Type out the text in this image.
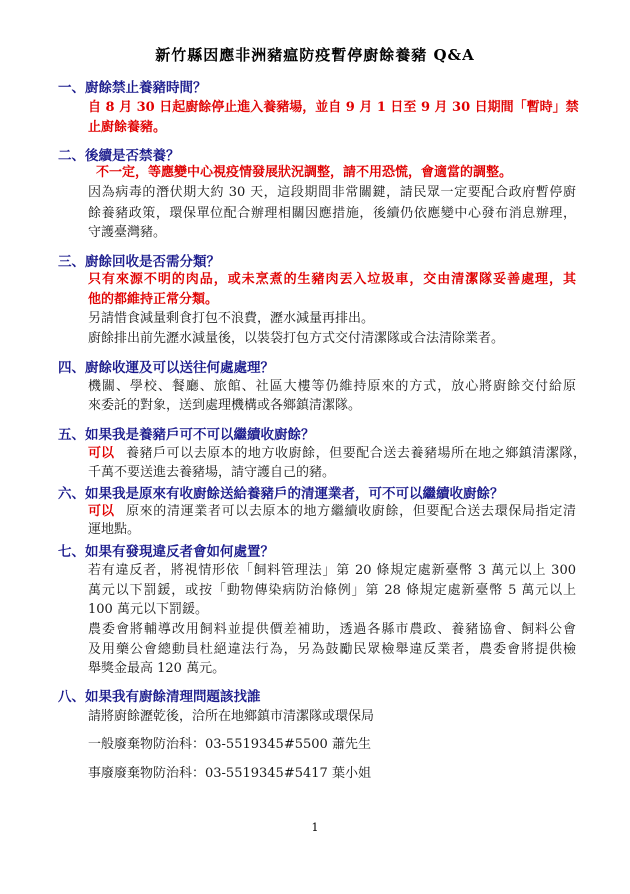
新竹縣因應非洲豬瘟防疫暫停廚餘養豬 Q&A
一、廚餘禁止養豬時間？
自 8 月 30 日起廚餘停止進入養豬場，並自 9 月 1 日至 9 月 30 日期間「暫時」禁
止廚餘養豬。
二、後續是否禁養？
不一定，等應變中心視疫情發展狀況調整，請不用恐慌，會適當的調整。
因為病毒的潛伏期大約 30 天，這段期間非常關鍵，請民眾一定要配合政府暫停廚
餘養豬政策，環保單位配合辦理相關因應措施，後續仍依應變中心發布消息辦理，
守護臺灣豬。
三、廚餘回收是否需分類？
只有來源不明的肉品，或未烹煮的生豬肉丟入垃圾車，交由清潔隊妥善處理，其
他的都維持正常分類。
另請惜食減量剩食打包不浪費，瀝水減量再排出。
廚餘排出前先瀝水減量後，以裝袋打包方式交付清潔隊或合法清除業者。
四、廚餘收運及可以送往何處處理？
機關、學校、餐廳、旅館、社區大樓等仍維持原來的方式，放心將廚餘交付給原
來委託的對象，送到處理機構或各鄉鎮清潔隊。
五、如果我是養豬戶可不可以繼續收廚餘？
可以 養豬戶可以去原本的地方收廚餘，但要配合送去養豬場所在地之鄉鎮清潔隊，
千萬不要送進去養豬場，請守護自己的豬。
六、如果我是原來有收廚餘送給養豬戶的清運業者，可不可以繼續收廚餘？
可以 原來的清運業者可以去原本的地方繼續收廚餘，但要配合送去環保局指定清
運地點。
七、如果有發現違反者會如何處置？
若有違反者，將視情形依「飼料管理法」第 20 條規定處新臺幣 3 萬元以上 300
萬元以下罰鍰，或按「動物傳染病防治條例」第 28 條規定處新臺幣 5 萬元以上
100 萬元以下罰鍰。
農委會將輔導改用飼料並提供價差補助，透過各縣市農政、養豬協會、飼料公會
及用藥公會總動員杜絕違法行為，另為鼓勵民眾檢舉違反業者，農委會將提供檢
舉獎金最高 120 萬元。
八、如果我有廚餘清理問題該找誰
請將廚餘瀝乾後，洽所在地鄉鎮市清潔隊或環保局
一般廢棄物防治科：03-5519345#5500 蕭先生
事廢廢棄物防治科：03-5519345#5417 葉小姐
1
